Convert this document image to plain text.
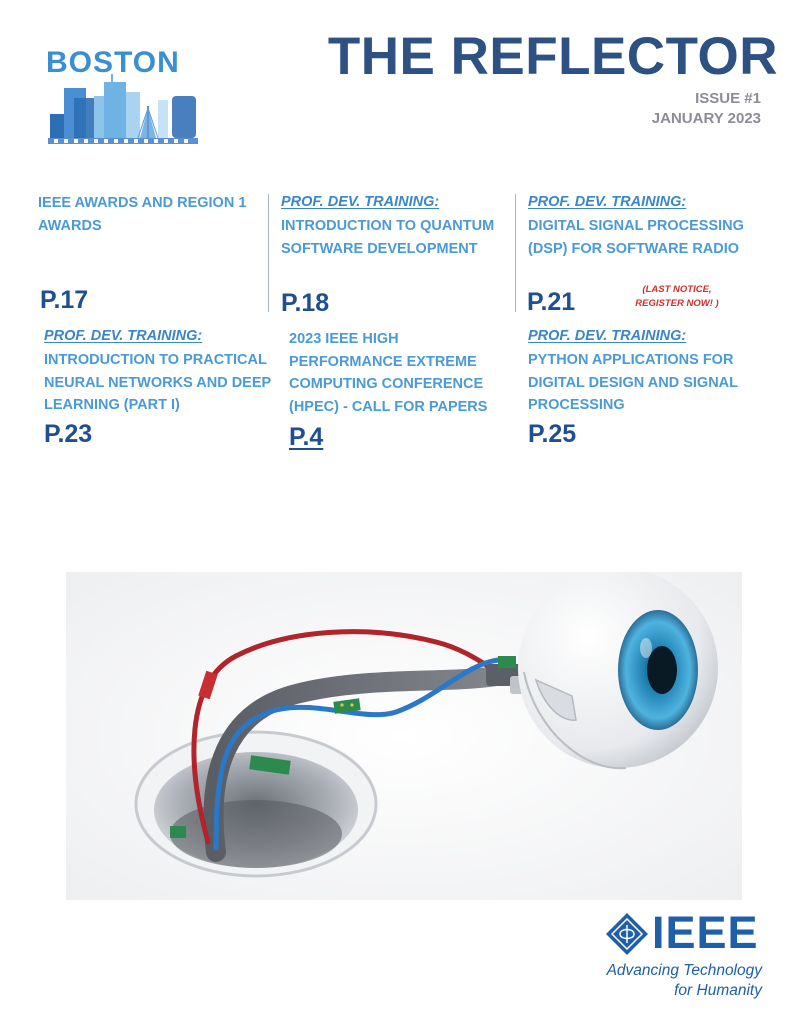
BOSTON	THE REFLECTOR
ISSUE #1
JANUARY 2023
IEEE AWARDS AND REGION 1
AWARDS
P.17
PROF. DEV. TRAINING:
INTRODUCTION TO QUANTUM
SOFTWARE DEVELOPMENT
P.18
PROF. DEV. TRAINING:
DIGITAL SIGNAL PROCESSING
(DSP) FOR SOFTWARE RADIO
P.21	(LAST NOTICE,
REGISTER NOW! )
PROF. DEV. TRAINING:
INTRODUCTION TO PRACTICAL
NEURAL NETWORKS AND DEEP
LEARNING (PART I)
P.23
2023 IEEE HIGH
PERFORMANCE EXTREME
COMPUTING CONFERENCE
(HPEC) - CALL FOR PAPERS
P.4
PROF. DEV. TRAINING:
PYTHON APPLICATIONS FOR
DIGITAL DESIGN AND SIGNAL
PROCESSING
P.25
IEEE
Advancing Technology
for Humanity
